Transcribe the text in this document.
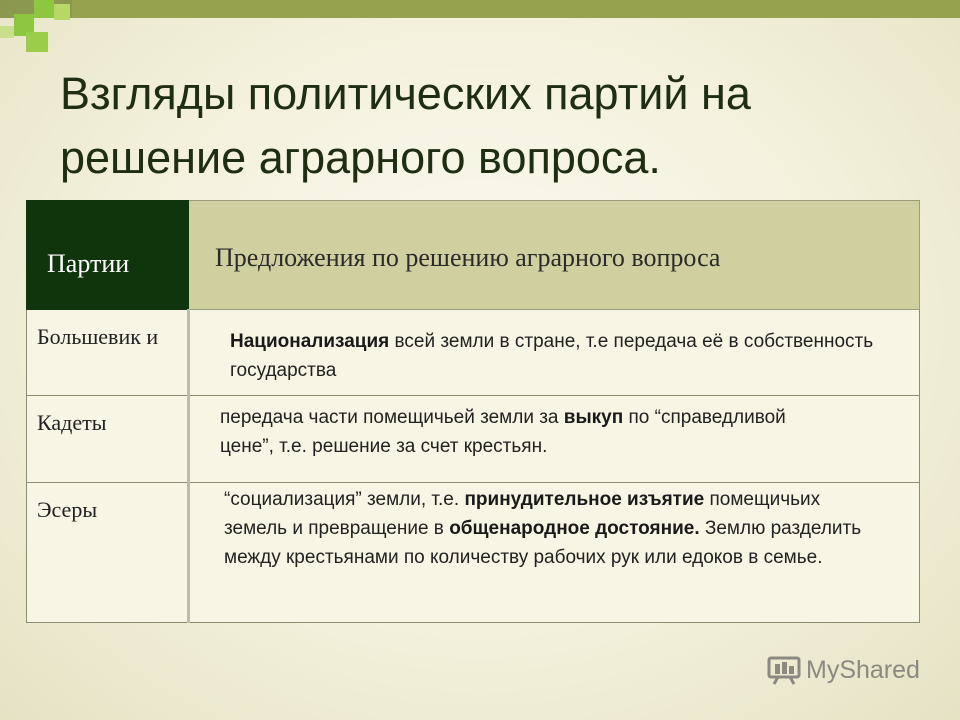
Взгляды политических партий на
решение аграрного вопроса.
Партии	Предложения по решению аграрного вопроса

Большевик и	Национализация всей земли в стране, т.е передача её в собственность государства

Кадеты	передача части помещичьей земли за выкуп по “справедливой цене”, т.е. решение за счет крестьян.

Эсеры	“социализация” земли, т.е. принудительное изъятие помещичьих земель и превращение в общенародное достояние. Землю разделить между крестьянами по количеству рабочих рук или едоков в семье.
MyShared
